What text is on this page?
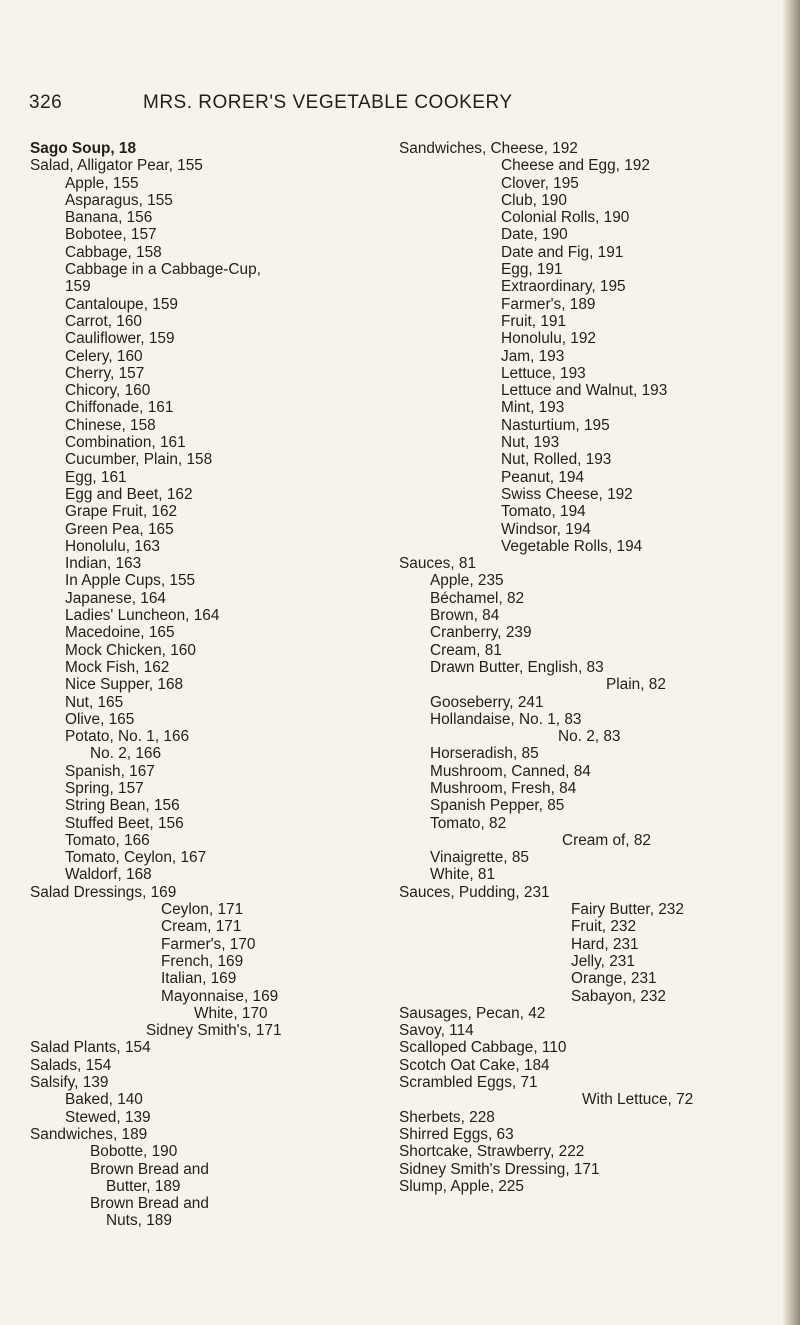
326	MRS. RORER'S VEGETABLE COOKERY
Sago Soup, 18
Salad, Alligator Pear, 155
Apple, 155
Asparagus, 155
Banana, 156
Bobotee, 157
Cabbage, 158
Cabbage in a Cabbage-Cup,
159
Cantaloupe, 159
Carrot, 160
Cauliflower, 159
Celery, 160
Cherry, 157
Chicory, 160
Chiffonade, 161
Chinese, 158
Combination, 161
Cucumber, Plain, 158
Egg, 161
Egg and Beet, 162
Grape Fruit, 162
Green Pea, 165
Honolulu, 163
Indian, 163
In Apple Cups, 155
Japanese, 164
Ladies' Luncheon, 164
Macedoine, 165
Mock Chicken, 160
Mock Fish, 162
Nice Supper, 168
Nut, 165
Olive, 165
Potato, No. 1, 166
No. 2, 166
Spanish, 167
Spring, 157
String Bean, 156
Stuffed Beet, 156
Tomato, 166
Tomato, Ceylon, 167
Waldorf, 168
Salad Dressings, 169
Ceylon, 171
Cream, 171
Farmer's, 170
French, 169
Italian, 169
Mayonnaise, 169
White, 170
Sidney Smith's, 171
Salad Plants, 154
Salads, 154
Salsify, 139
Baked, 140
Stewed, 139
Sandwiches, 189
Bobotte, 190
Brown Bread and
Butter, 189
Brown Bread and
Nuts, 189
Sandwiches, Cheese, 192
Cheese and Egg, 192
Clover, 195
Club, 190
Colonial Rolls, 190
Date, 190
Date and Fig, 191
Egg, 191
Extraordinary, 195
Farmer's, 189
Fruit, 191
Honolulu, 192
Jam, 193
Lettuce, 193
Lettuce and Walnut, 193
Mint, 193
Nasturtium, 195
Nut, 193
Nut, Rolled, 193
Peanut, 194
Swiss Cheese, 192
Tomato, 194
Windsor, 194
Vegetable Rolls, 194
Sauces, 81
Apple, 235
Béchamel, 82
Brown, 84
Cranberry, 239
Cream, 81
Drawn Butter, English, 83
Plain, 82
Gooseberry, 241
Hollandaise, No. 1, 83
No. 2, 83
Horseradish, 85
Mushroom, Canned, 84
Mushroom, Fresh, 84
Spanish Pepper, 85
Tomato, 82
Cream of, 82
Vinaigrette, 85
White, 81
Sauces, Pudding, 231
Fairy Butter, 232
Fruit, 232
Hard, 231
Jelly, 231
Orange, 231
Sabayon, 232
Sausages, Pecan, 42
Savoy, 114
Scalloped Cabbage, 110
Scotch Oat Cake, 184
Scrambled Eggs, 71
With Lettuce, 72
Sherbets, 228
Shirred Eggs, 63
Shortcake, Strawberry, 222
Sidney Smith's Dressing, 171
Slump, Apple, 225
